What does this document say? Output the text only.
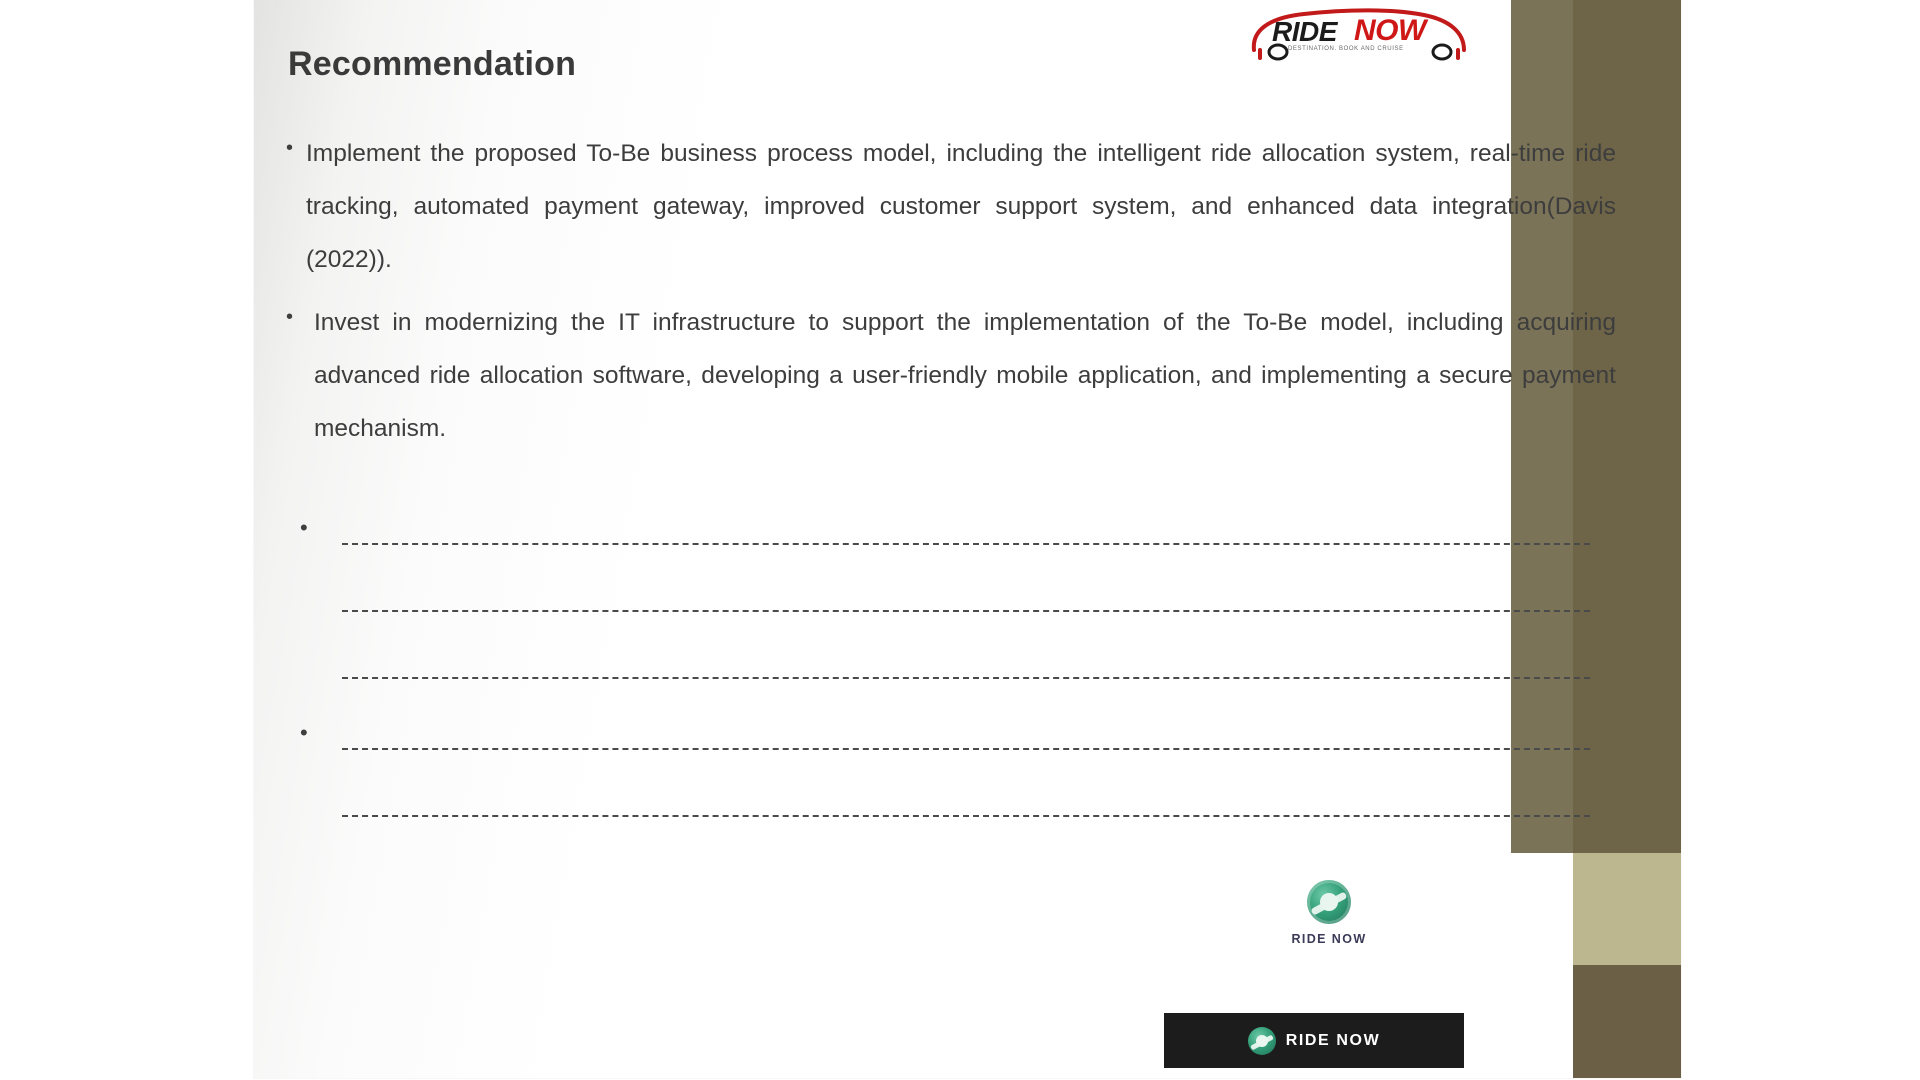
RIDE NOW
DESTINATION. BOOK AND CRUISE
Recommendation
• Implement the proposed To-Be business process model, including the intelligent ride allocation system, real-time ride tracking, automated payment gateway, improved customer support system, and enhanced data integration(Davis (2022)).
• Invest in modernizing the IT infrastructure to support the implementation of the To-Be model, including acquiring advanced ride allocation software, developing a user-friendly mobile application, and implementing a secure payment mechanism.
•
•
RIDE NOW
RIDE NOW
